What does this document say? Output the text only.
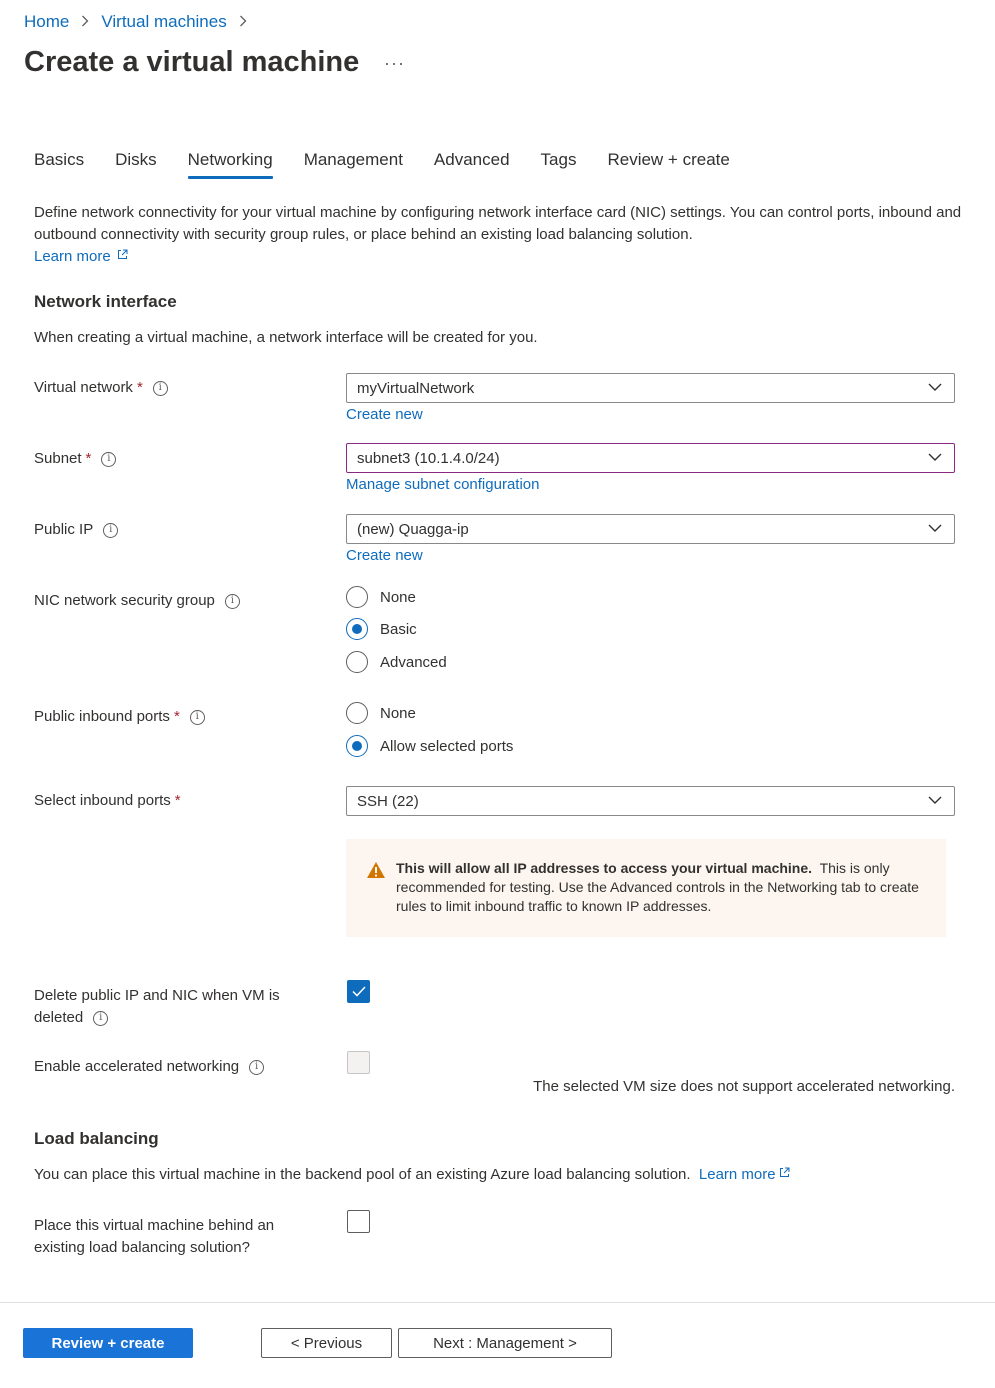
Home Virtual machines
Create a virtual machine ···
Basics Disks Networking Management Advanced Tags Review + create
Define network connectivity for your virtual machine by configuring network interface card (NIC) settings. You can control ports, inbound and outbound connectivity with security group rules, or place behind an existing load balancing solution.
Learn more
Network interface
When creating a virtual machine, a network interface will be created for you.
Virtual network *	i	myVirtualNetwork
Create new
Subnet *	i	subnet3 (10.1.4.0/24)
Manage subnet configuration
Public IP	i	(new) Quagga-ip
Create new
NIC network security group	i	None
Basic
Advanced
Public inbound ports *	i	None
Allow selected ports
Select inbound ports *	SSH (22)
This will allow all IP addresses to access your virtual machine. This is only recommended for testing. Use the Advanced controls in the Networking tab to create rules to limit inbound traffic to known IP addresses.
Delete public IP and NIC when VM is

deleted	i
Enable accelerated networking	i
The selected VM size does not support accelerated networking.
Load balancing
You can place this virtual machine in the backend pool of an existing Azure load balancing solution. Learn more
Place this virtual machine behind an
existing load balancing solution?
Review + create	< Previous	Next : Management >
